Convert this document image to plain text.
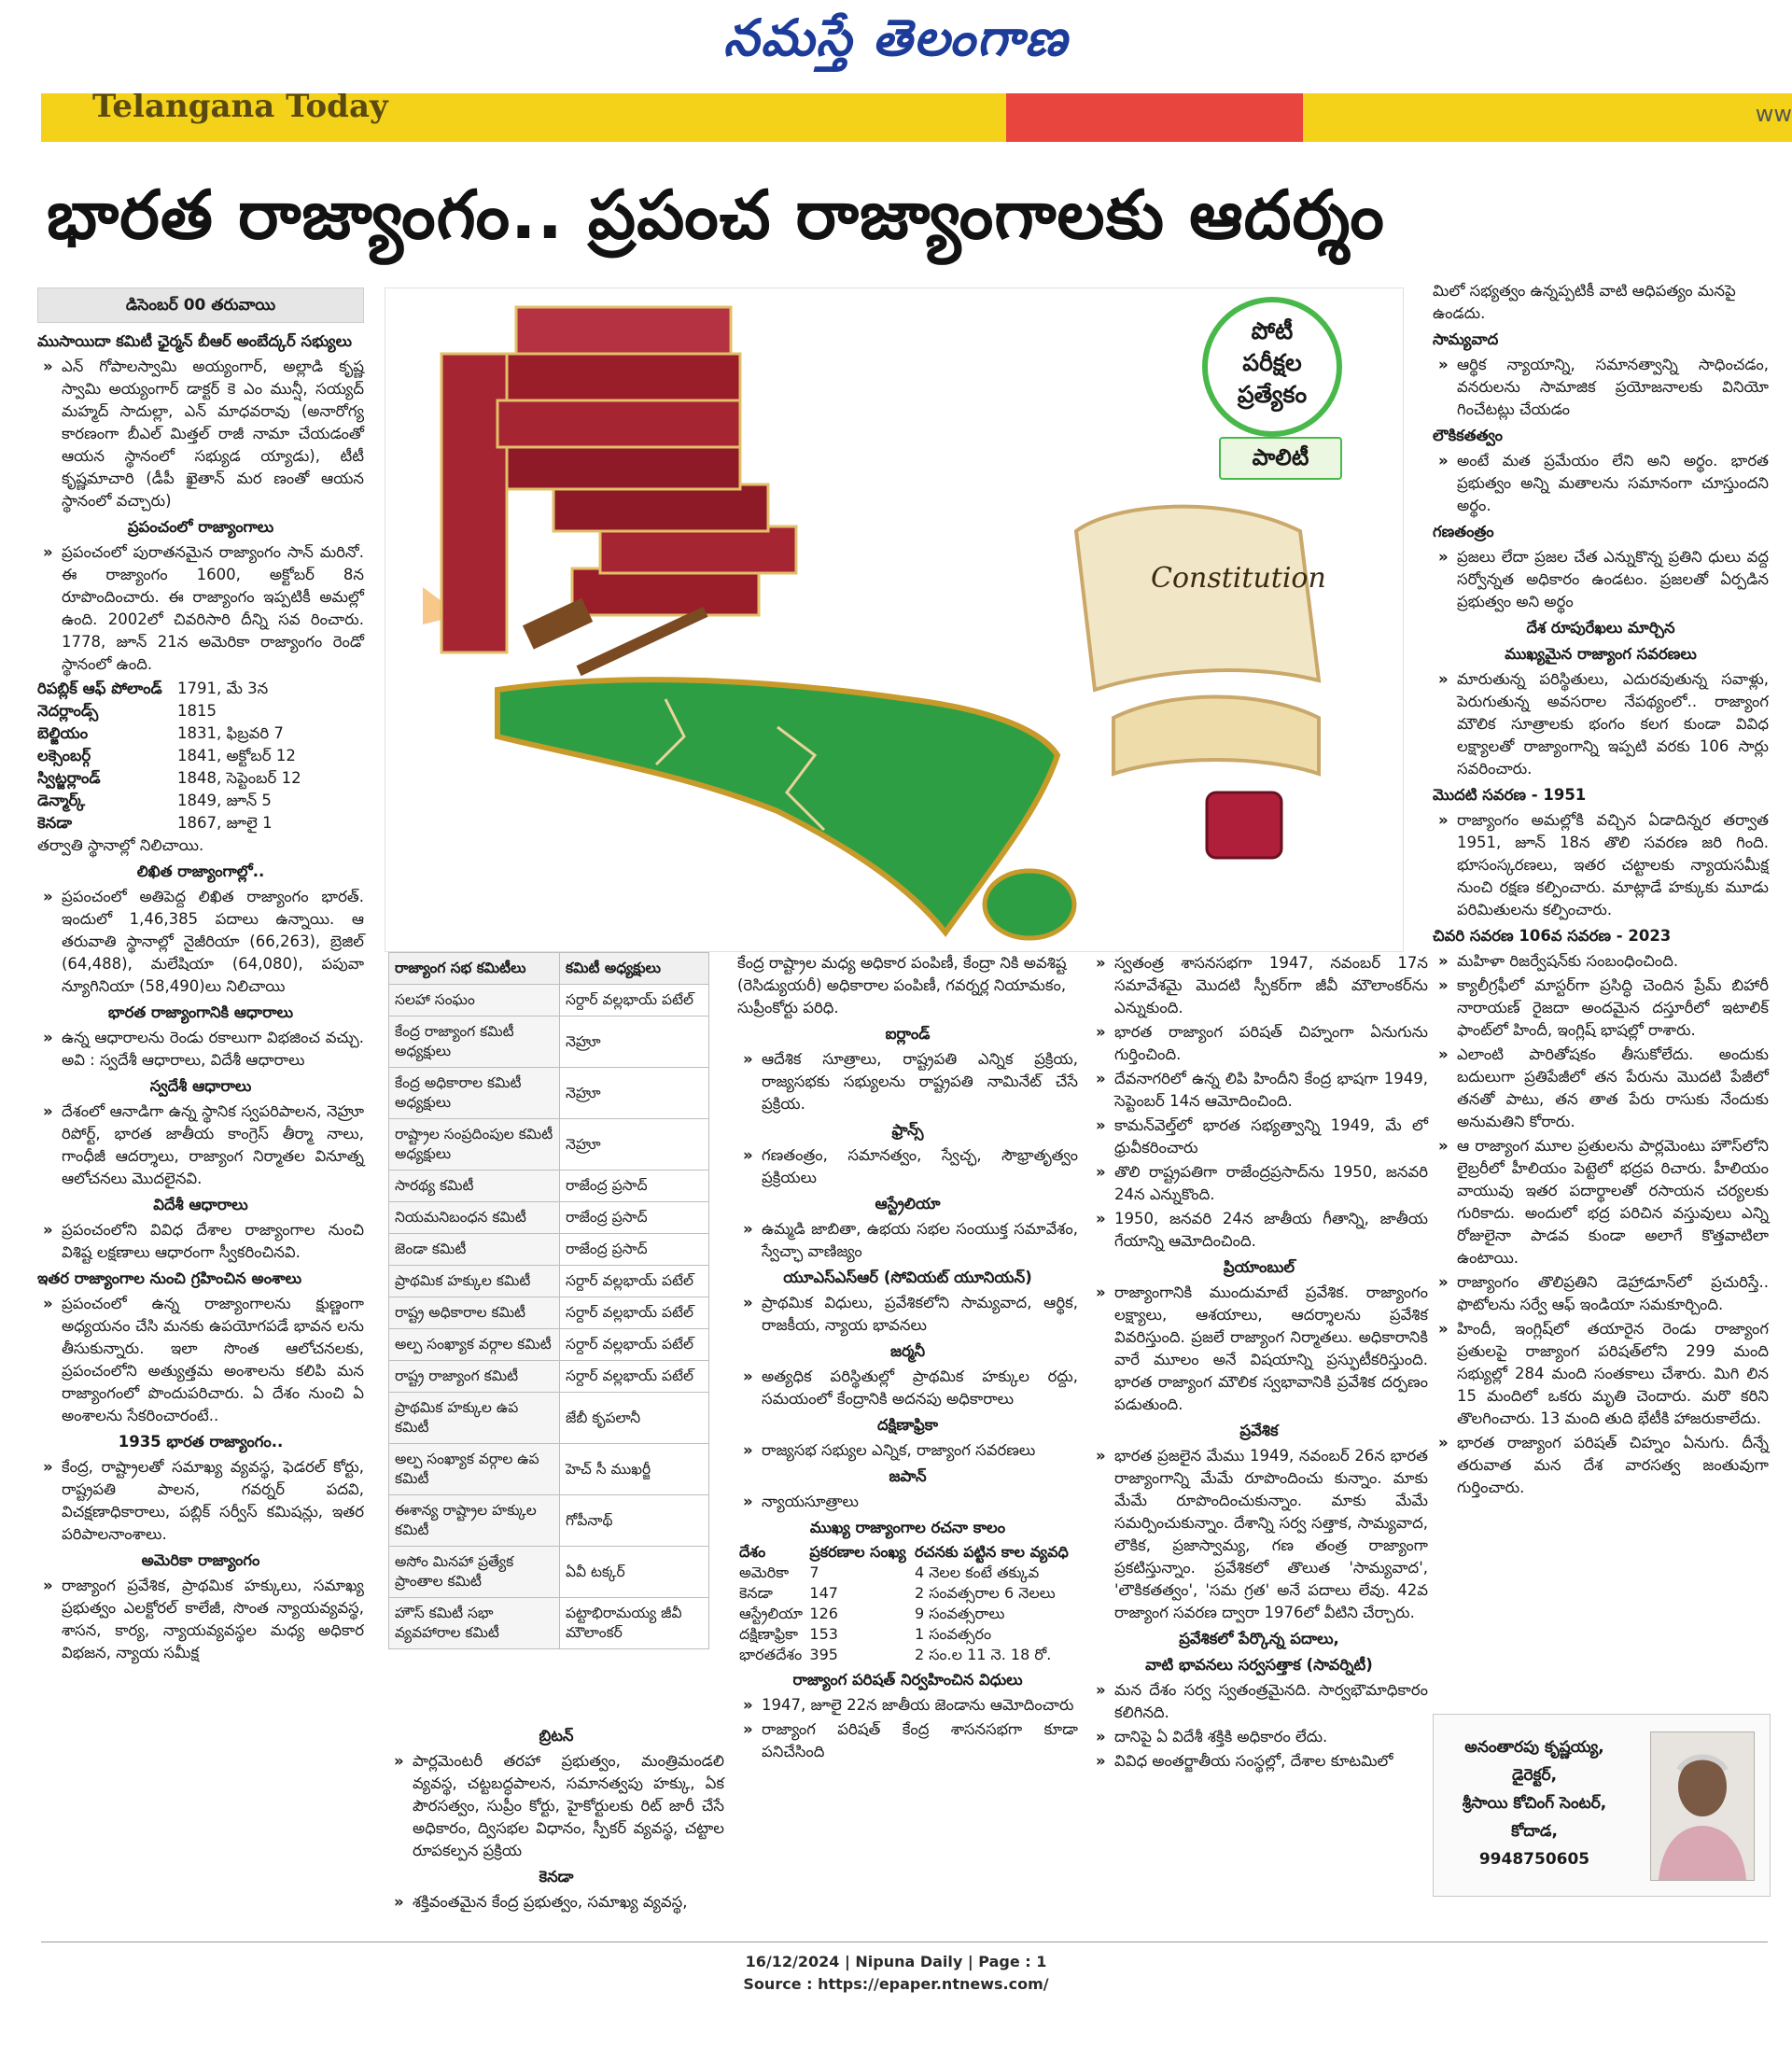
నమస్తే తెలంగాణ
Telangana Today	ww
భారత రాజ్యాంగం.. ప్రపంచ రాజ్యాంగాలకు ఆదర్శం
డిసెంబర్ 00 తరువాయి
ముసాయిదా కమిటీ ఛైర్మన్ బీఆర్ అంబేద్కర్ సభ్యులు

» ఎన్ గోపాలస్వామి అయ్యంగార్, అల్లాడి కృష్ణ స్వామి అయ్యంగార్ డాక్టర్ కె ఎం మున్షీ, సయ్యద్ మహ్మద్ సాదుల్లా, ఎన్ మాధవరావు (అనారోగ్య కారణంగా బీఎల్ మిత్తల్ రాజీ నామా చేయడంతో ఆయన స్థానంలో సభ్యుడ య్యాడు), టీటీ కృష్ణమాచారి (డీపీ ఖైతాన్ మర ణంతో ఆయన స్థానంలో వచ్చారు)

ప్రపంచంలో రాజ్యాంగాలు

» ప్రపంచంలో పురాతనమైన రాజ్యాంగం సాన్ మరినో. ఈ రాజ్యాంగం 1600, అక్టోబర్ 8న రూపొందించారు. ఈ రాజ్యాంగం ఇప్పటికీ అమల్లో ఉంది. 2002లో చివరిసారి దీన్ని సవ రించారు. 1778, జూన్ 21న అమెరికా రాజ్యాంగం రెండో స్థానంలో ఉంది.

రిపబ్లిక్ ఆఫ్ పోలాండ్ 1791, మే 3న
నెదర్లాండ్స్	1815
బెల్జియం	1831, ఫిబ్రవరి 7
లక్సెంబర్గ్	1841, అక్టోబర్ 12
స్విట్జర్లాండ్	1848, సెప్టెంబర్ 12
డెన్మార్క్	1849, జూన్ 5
కెనడా	1867, జూలై 1

తర్వాతి స్థానాల్లో నిలిచాయి.

లిఖిత రాజ్యాంగాల్లో..

» ప్రపంచంలో అతిపెద్ద లిఖిత రాజ్యాంగం భారత్. ఇందులో 1,46,385 పదాలు ఉన్నాయి. ఆ తరువాతి స్థానాల్లో నైజీరియా (66,263), బ్రెజిల్ (64,488), మలేషియా (64,080), పపువా న్యూగినియా (58,490)లు నిలిచాయి

భారత రాజ్యాంగానికి ఆధారాలు

» ఉన్న ఆధారాలను రెండు రకాలుగా విభజించ వచ్చు. అవి : స్వదేశీ ఆధారాలు, విదేశీ ఆధారాలు

స్వదేశీ ఆధారాలు

» దేశంలో ఆనాడిగా ఉన్న స్థానిక స్వపరిపాలన, నెహ్రూ రిపోర్ట్, భారత జాతీయ కాంగ్రెస్ తీర్మా నాలు, గాంధీజీ ఆదర్శాలు, రాజ్యాంగ నిర్మాతల వినూత్న ఆలోచనలు మొదలైనవి.

విదేశీ ఆధారాలు

» ప్రపంచంలోని వివిధ దేశాల రాజ్యాంగాల నుంచి విశిష్ట లక్షణాలు ఆధారంగా స్వీకరించినవి.

ఇతర రాజ్యాంగాల నుంచి గ్రహించిన అంశాలు

» ప్రపంచంలో ఉన్న రాజ్యాంగాలను క్షుణ్ణంగా అధ్యయనం చేసి మనకు ఉపయోగపడే భావన లను తీసుకున్నారు. ఇలా సొంత ఆలోచనలకు, ప్రపంచంలోని అత్యుత్తమ అంశాలను కలిపి మన రాజ్యాంగంలో పొందుపరిచారు. ఏ దేశం నుంచి ఏ అంశాలను సేకరించారంటే..

1935 భారత రాజ్యాంగం..

» కేంద్ర, రాష్ట్రాలతో సమాఖ్య వ్యవస్థ, ఫెడరల్ కోర్టు, రాష్ట్రపతి పాలన, గవర్నర్ పదవి, విచక్షణాధికారాలు, పబ్లిక్ సర్వీస్ కమిషన్లు, ఇతర పరిపాలనాంశాలు.

అమెరికా రాజ్యాంగం

» రాజ్యాంగ ప్రవేశిక, ప్రాథమిక హక్కులు, సమాఖ్య ప్రభుత్వం ఎలక్టోరల్ కాలేజీ, సొంత న్యాయవ్యవస్థ, శాసన, కార్య, న్యాయవ్యవస్థల మధ్య అధికార విభజన, న్యాయ సమీక్ష

Constitution
పోటీ
పరీక్షల
ప్రత్యేకం
పాలిటీ
రాజ్యాంగ సభ కమిటీలు	కమిటీ అధ్యక్షులు
సలహా సంఘం	సర్దార్ వల్లభాయ్ పటేల్
కేంద్ర రాజ్యాంగ కమిటీ అధ్యక్షులు	నెహ్రూ
కేంద్ర అధికారాల కమిటీ అధ్యక్షులు	నెహ్రూ
రాష్ట్రాల సంప్రదింపుల కమిటీ అధ్యక్షులు	నెహ్రూ
సారథ్య కమిటీ	రాజేంద్ర ప్రసాద్
నియమనిబంధన కమిటీ	రాజేంద్ర ప్రసాద్
జెండా కమిటీ	రాజేంద్ర ప్రసాద్
ప్రాథమిక హక్కుల కమిటీ	సర్దార్ వల్లభాయ్ పటేల్
రాష్ట్ర అధికారాల కమిటీ	సర్దార్ వల్లభాయ్ పటేల్
అల్ప సంఖ్యాక వర్గాల కమిటీ	సర్దార్ వల్లభాయ్ పటేల్
రాష్ట్ర రాజ్యాంగ కమిటీ	సర్దార్ వల్లభాయ్ పటేల్
ప్రాథమిక హక్కుల ఉప కమిటీ	జేబీ కృపలానీ
అల్ప సంఖ్యాక వర్గాల ఉప కమిటీ	హెచ్ సీ ముఖర్జీ
ఈశాన్య రాష్ట్రాల హక్కుల కమిటీ	గోపీనాథ్
అసోం మినహా ప్రత్యేక ప్రాంతాల కమిటీ	ఏవీ టక్కర్
హౌస్ కమిటీ సభా వ్యవహారాల కమిటీ	పట్టాభిరామయ్య జీవీ మౌలాంకర్
బ్రిటన్

» పార్లమెంటరీ తరహా ప్రభుత్వం, మంత్రిమండలి వ్యవస్థ, చట్టబద్ధపాలన, సమానత్వపు హక్కు, ఏక పౌరసత్వం, సుప్రీం కోర్టు, హైకోర్టులకు రిట్ జారీ చేసే అధికారం, ద్విసభల విధానం, స్పీకర్ వ్యవస్థ, చట్టాల రూపకల్పన ప్రక్రియ

కెనడా

» శక్తివంతమైన కేంద్ర ప్రభుత్వం, సమాఖ్య వ్యవస్థ,

కేంద్ర రాష్ట్రాల మధ్య అధికార పంపిణీ, కేంద్రా నికి అవశిష్ట (రెసిడ్యుయరీ) అధికారాల పంపిణీ, గవర్నర్ల నియామకం, సుప్రీంకోర్టు పరిధి.

ఐర్లాండ్

» ఆదేశిక సూత్రాలు, రాష్ట్రపతి ఎన్నిక ప్రక్రియ, రాజ్యసభకు సభ్యులను రాష్ట్రపతి నామినేట్ చేసే ప్రక్రియ.

ఫ్రాన్స్

» గణతంత్రం, సమానత్వం, స్వేచ్ఛ, సౌభ్రాతృత్వం ప్రక్రియలు

ఆస్ట్రేలియా

» ఉమ్మడి జాబితా, ఉభయ సభల సంయుక్త సమావేశం, స్వేచ్ఛా వాణిజ్యం

యూఎస్ఎస్ఆర్ (సోవియట్ యూనియన్)

» ప్రాథమిక విధులు, ప్రవేశికలోని సామ్యవాద, ఆర్థిక, రాజకీయ, న్యాయ భావనలు

జర్మనీ

» అత్యధిక పరిస్థితుల్లో ప్రాథమిక హక్కుల రద్దు, సమయంలో కేంద్రానికి అదనపు అధికారాలు

దక్షిణాఫ్రికా

» రాజ్యసభ సభ్యుల ఎన్నిక, రాజ్యాంగ సవరణలు

జపాన్

» న్యాయసూత్రాలు

ముఖ్య రాజ్యాంగాల రచనా కాలం
దేశం	ప్రకరణాల సంఖ్య	రచనకు పట్టిన కాల వ్యవధి
అమెరికా	7	4 నెలల కంటే తక్కువ
కెనడా	147	2 సంవత్సరాల 6 నెలలు
ఆస్ట్రేలియా	126	9 సంవత్సరాలు
దక్షిణాఫ్రికా	153	1 సంవత్సరం
భారతదేశం	395	2 సం.ల 11 నె. 18 రో.
రాజ్యాంగ పరిషత్ నిర్వహించిన విధులు

» 1947, జూలై 22న జాతీయ జెండాను ఆమోదించారు

» రాజ్యాంగ పరిషత్ కేంద్ర శాసనసభగా కూడా పనిచేసింది

» స్వతంత్ర శాసనసభగా 1947, నవంబర్ 17న సమావేశమై మొదటి స్పీకర్‌గా జీవీ మౌలాంకర్‌ను ఎన్నుకుంది.

» భారత రాజ్యాంగ పరిషత్ చిహ్నంగా ఏనుగును గుర్తించింది.

» దేవనాగరిలో ఉన్న లిపి హిందీని కేంద్ర భాషగా 1949, సెప్టెంబర్ 14న ఆమోదించింది.

» కామన్‌వెల్త్‌లో భారత సభ్యత్వాన్ని 1949, మే లో ధ్రువీకరించారు

» తొలి రాష్ట్రపతిగా రాజేంద్రప్రసాద్‌ను 1950, జనవరి 24న ఎన్నుకొంది.

» 1950, జనవరి 24న జాతీయ గీతాన్ని, జాతీయ గేయాన్ని ఆమోదించింది.

ప్రియాంబుల్

» రాజ్యాంగానికి ముందుమాటే ప్రవేశిక. రాజ్యాంగం లక్ష్యాలు, ఆశయాలు, ఆదర్శాలను ప్రవేశిక వివరిస్తుంది. ప్రజలే రాజ్యాంగ నిర్మాతలు. అధికారానికి వారే మూలం అనే విషయాన్ని ప్రస్ఫుటీకరిస్తుంది. భారత రాజ్యాంగ మౌలిక స్వభావానికి ప్రవేశిక దర్పణం పడుతుంది.

ప్రవేశిక

» భారత ప్రజలైన మేము 1949, నవంబర్ 26న భారత రాజ్యాంగాన్ని మేమే రూపొందించు కున్నాం. మాకు మేమే రూపొందించుకున్నాం. మాకు మేమే సమర్పించుకున్నాం. దేశాన్ని సర్వ సత్తాక, సామ్యవాద, లౌకిక, ప్రజాస్వామ్య, గణ తంత్ర రాజ్యాంగా ప్రకటిస్తున్నాం. ప్రవేశికలో తొలుత 'సామ్యవాద', 'లౌకికతత్వం', 'సమ గ్రత' అనే పదాలు లేవు. 42వ రాజ్యాంగ సవరణ ద్వారా 1976లో వీటిని చేర్చారు.

ప్రవేశికలో పేర్కొన్న పదాలు,
వాటి భావనలు సర్వసత్తాక (సావర్నిటీ)

» మన దేశం సర్వ స్వతంత్రమైనది. సార్వభౌమాధికారం కలిగినది.

» దానిపై ఏ విదేశీ శక్తికి అధికారం లేదు.

» వివిధ అంతర్జాతీయ సంస్థల్లో, దేశాల కూటమిలో

మిలో సభ్యత్వం ఉన్నప్పటికీ వాటి ఆధిపత్యం మనపై ఉండదు.

సామ్యవాద

» ఆర్థిక న్యాయాన్ని, సమానత్వాన్ని సాధించడం, వనరులను సామాజిక ప్రయోజనాలకు వినియో గించేటట్లు చేయడం

లౌకికతత్వం

» అంటే మత ప్రమేయం లేని అని అర్థం. భారత ప్రభుత్వం అన్ని మతాలను సమానంగా చూస్తుందని అర్థం.

గణతంత్రం

» ప్రజలు లేదా ప్రజల చేత ఎన్నుకొన్న ప్రతిని ధులు వద్ద సర్వోన్నత అధికారం ఉండటం. ప్రజలతో ఏర్పడిన ప్రభుత్వం అని అర్థం

దేశ రూపురేఖలు మార్చిన
ముఖ్యమైన రాజ్యాంగ సవరణలు

» మారుతున్న పరిస్థితులు, ఎదురవుతున్న సవాళ్లు, పెరుగుతున్న అవసరాల నేపథ్యంలో.. రాజ్యాంగ మౌలిక సూత్రాలకు భంగం కలగ కుండా వివిధ లక్ష్యాలతో రాజ్యాంగాన్ని ఇప్పటి వరకు 106 సార్లు సవరించారు.

మొదటి సవరణ - 1951

» రాజ్యాంగం అమల్లోకి వచ్చిన ఏడాదిన్నర తర్వాత 1951, జూన్ 18న తొలి సవరణ జరి గింది. భూసంస్కరణలు, ఇతర చట్టాలకు న్యాయసమీక్ష నుంచి రక్షణ కల్పించారు. మాట్లాడే హక్కుకు మూడు పరిమితులను కల్పించారు.

చివరి సవరణ 106వ సవరణ - 2023

» మహిళా రిజర్వేషన్‌కు సంబంధించింది.

» క్యాలీగ్రఫీలో మాస్టర్‌గా ప్రసిద్ధి చెందిన ప్రేమ్ బిహారీ నారాయణ్ రైజదా అందమైన దస్తూరీలో ఇటాలిక్ ఫాంట్‌లో హిందీ, ఇంగ్లిష్ భాషల్లో రాశారు.

» ఎలాంటి పారితోషకం తీసుకోలేదు. అందుకు బదులుగా ప్రతిపేజీలో తన పేరును మొదటి పేజీలో తనతో పాటు, తన తాత పేరు రాసుకు నేందుకు అనుమతిని కోరారు.

» ఆ రాజ్యాంగ మూల ప్రతులను పార్లమెంటు హౌస్‌లోని లైబ్రరీలో హీలియం పెట్టెలో భద్రప రిచారు. హీలియం వాయువు ఇతర పదార్థాలతో రసాయన చర్యలకు గురికాదు. అందులో భద్ర పరిచిన వస్తువులు ఎన్ని రోజులైనా పాడవ కుండా అలాగే కొత్తవాటిలా ఉంటాయి.

» రాజ్యాంగం తొలిప్రతిని డెహ్రాడూన్‌లో ప్రచురిస్తే.. ఫొటోలను సర్వే ఆఫ్ ఇండియా సమకూర్చింది.

» హిందీ, ఇంగ్లిష్‌లో తయారైన రెండు రాజ్యాంగ ప్రతులపై రాజ్యాంగ పరిషత్‌లోని 299 మంది సభ్యుల్లో 284 మంది సంతకాలు చేశారు. మిగి లిన 15 మందిలో ఒకరు మృతి చెందారు. మరొ కరిని తొలగించారు. 13 మంది తుది భేటీకి హాజరుకాలేదు.

» భారత రాజ్యాంగ పరిషత్ చిహ్నం ఏనుగు. దీన్నే తరువాత మన దేశ వారసత్వ జంతువుగా గుర్తించారు.

అనంతారపు కృష్ణయ్య,
డైరెక్టర్,
శ్రీసాయి కోచింగ్ సెంటర్,
కోదాడ,
9948750605
16/12/2024 | Nipuna Daily | Page : 1
Source : https://epaper.ntnews.com/
